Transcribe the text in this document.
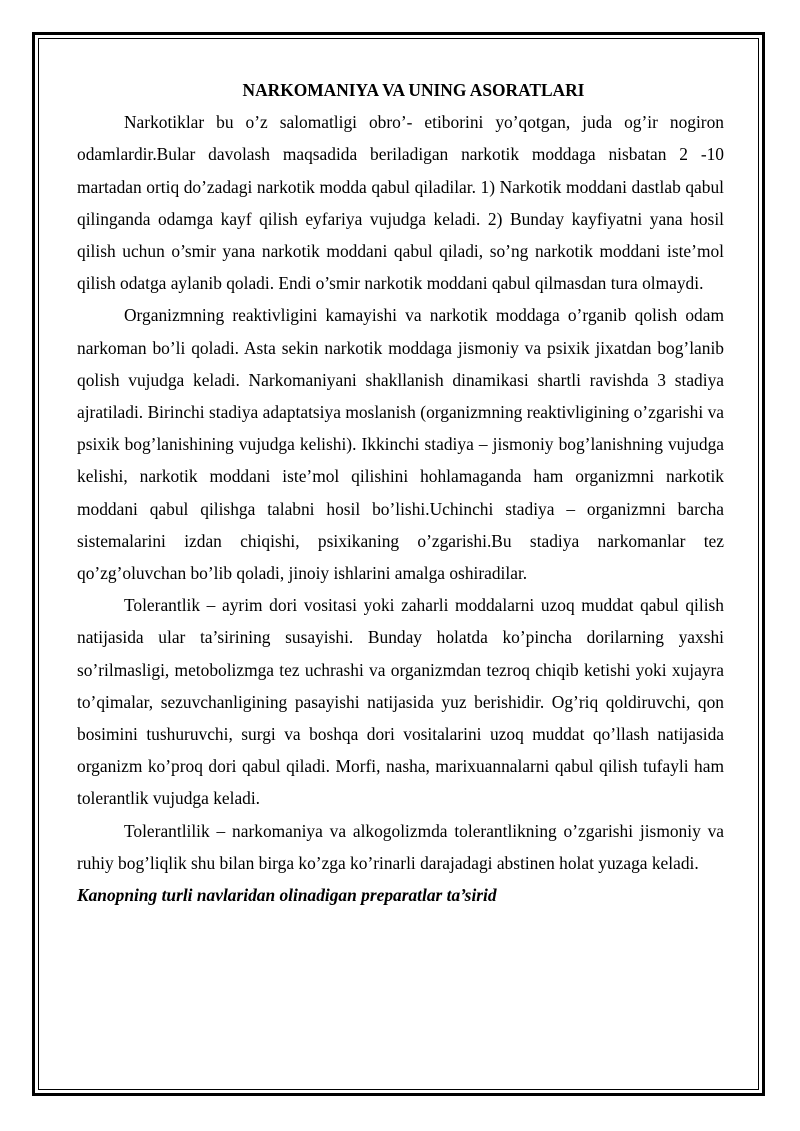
NARKOMANIYA VA UNING ASORATLARI

Narkotiklar bu o’z salomatligi obro’- etiborini yo’qotgan, juda og’ir nogiron odamlardir.Bular davolash maqsadida beriladigan narkotik moddaga nisbatan 2 -10 martadan ortiq do’zadagi narkotik modda qabul qiladilar. 1) Narkotik moddani dastlab qabul qilinganda odamga kayf qilish eyfariya vujudga keladi. 2) Bunday kayfiyatni yana hosil qilish uchun o’smir yana narkotik moddani qabul qiladi, so’ng narkotik moddani iste’mol qilish odatga aylanib qoladi. Endi o’smir narkotik moddani qabul qilmasdan tura olmaydi.

Organizmning reaktivligini kamayishi va narkotik moddaga o’rganib qolish odam narkoman bo’li qoladi. Asta sekin narkotik moddaga jismoniy va psixik jixatdan bog’lanib qolish vujudga keladi. Narkomaniyani shakllanish dinamikasi shartli ravishda 3 stadiya ajratiladi. Birinchi stadiya adaptatsiya moslanish (organizmning reaktivligining o’zgarishi va psixik bog’lanishining vujudga kelishi). Ikkinchi stadiya – jismoniy bog’lanishning vujudga kelishi, narkotik moddani iste’mol qilishini hohlamaganda ham organizmni narkotik moddani qabul qilishga talabni hosil bo’lishi.Uchinchi stadiya – organizmni barcha sistemalarini izdan chiqishi, psixikaning o’zgarishi.Bu stadiya narkomanlar tez qo’zg’oluvchan bo’lib qoladi, jinoiy ishlarini amalga oshiradilar.

Tolerantlik – ayrim dori vositasi yoki zaharli moddalarni uzoq muddat qabul qilish natijasida ular ta’sirining susayishi. Bunday holatda ko’pincha dorilarning yaxshi so’rilmasligi, metobolizmga tez uchrashi va organizmdan tezroq chiqib ketishi yoki xujayra to’qimalar, sezuvchanligining pasayishi natijasida yuz berishidir. Og’riq qoldiruvchi, qon bosimini tushuruvchi, surgi va boshqa dori vositalarini uzoq muddat qo’llash natijasida organizm ko’proq dori qabul qiladi. Morfi, nasha, marixuannalarni qabul qilish tufayli ham tolerantlik vujudga keladi.

Tolerantlilik – narkomaniya va alkogolizmda tolerantlikning o’zgarishi jismoniy va ruhiy bog’liqlik shu bilan birga ko’zga ko’rinarli darajadagi abstinen holat yuzaga keladi.

Kanopning turli navlaridan olinadigan preparatlar ta’sirid
